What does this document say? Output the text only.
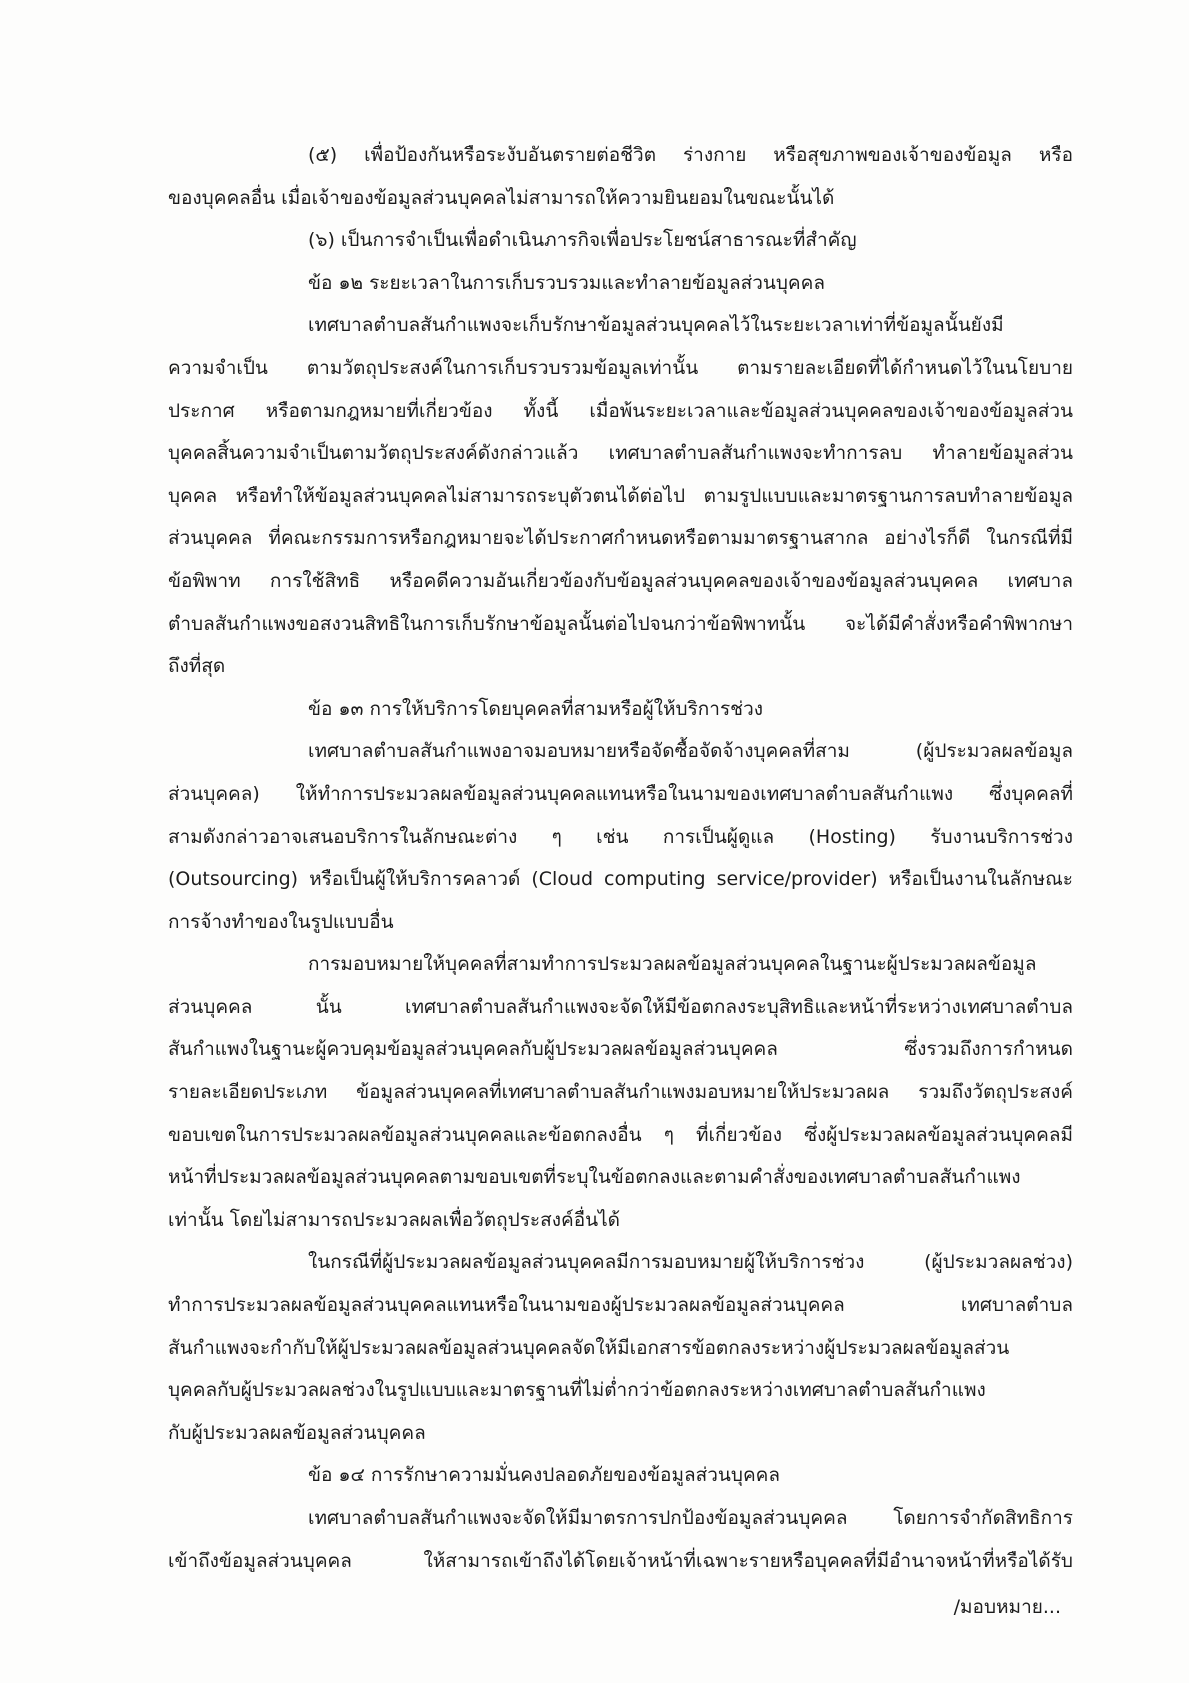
(๕) เพื่อป้องกันหรือระงับอันตรายต่อชีวิต ร่างกาย หรือสุขภาพของเจ้าของข้อมูล หรือ
ของบุคคลอื่น เมื่อเจ้าของข้อมูลส่วนบุคคลไม่สามารถให้ความยินยอมในขณะนั้นได้
(๖) เป็นการจำเป็นเพื่อดำเนินภารกิจเพื่อประโยชน์สาธารณะที่สำคัญ
ข้อ ๑๒ ระยะเวลาในการเก็บรวบรวมและทำลายข้อมูลส่วนบุคคล
เทศบาลตำบลสันกำแพงจะเก็บรักษาข้อมูลส่วนบุคคลไว้ในระยะเวลาเท่าที่ข้อมูลนั้นยังมี
ความจำเป็น ตามวัตถุประสงค์ในการเก็บรวบรวมข้อมูลเท่านั้น ตามรายละเอียดที่ได้กำหนดไว้ในนโยบาย
ประกาศ หรือตามกฎหมายที่เกี่ยวข้อง ทั้งนี้ เมื่อพ้นระยะเวลาและข้อมูลส่วนบุคคลของเจ้าของข้อมูลส่วน
บุคคลสิ้นความจำเป็นตามวัตถุประสงค์ดังกล่าวแล้ว เทศบาลตำบลสันกำแพงจะทำการลบ ทำลายข้อมูลส่วน
บุคคล หรือทำให้ข้อมูลส่วนบุคคลไม่สามารถระบุตัวตนได้ต่อไป ตามรูปแบบและมาตรฐานการลบทำลายข้อมูล
ส่วนบุคคล ที่คณะกรรมการหรือกฎหมายจะได้ประกาศกำหนดหรือตามมาตรฐานสากล อย่างไรก็ดี ในกรณีที่มี
ข้อพิพาท การใช้สิทธิ หรือคดีความอันเกี่ยวข้องกับข้อมูลส่วนบุคคลของเจ้าของข้อมูลส่วนบุคคล เทศบาล
ตำบลสันกำแพงขอสงวนสิทธิในการเก็บรักษาข้อมูลนั้นต่อไปจนกว่าข้อพิพาทนั้น จะได้มีคำสั่งหรือคำพิพากษา
ถึงที่สุด
ข้อ ๑๓ การให้บริการโดยบุคคลที่สามหรือผู้ให้บริการช่วง
เทศบาลตำบลสันกำแพงอาจมอบหมายหรือจัดซื้อจัดจ้างบุคคลที่สาม (ผู้ประมวลผลข้อมูล
ส่วนบุคคล) ให้ทำการประมวลผลข้อมูลส่วนบุคคลแทนหรือในนามของเทศบาลตำบลสันกำแพง ซึ่งบุคคลที่
สามดังกล่าวอาจเสนอบริการในลักษณะต่าง ๆ เช่น การเป็นผู้ดูแล (Hosting) รับงานบริการช่วง
(Outsourcing) หรือเป็นผู้ให้บริการคลาวด์ (Cloud computing service/provider) หรือเป็นงานในลักษณะ
การจ้างทำของในรูปแบบอื่น
การมอบหมายให้บุคคลที่สามทำการประมวลผลข้อมูลส่วนบุคคลในฐานะผู้ประมวลผลข้อมูล
ส่วนบุคคล นั้น เทศบาลตำบลสันกำแพงจะจัดให้มีข้อตกลงระบุสิทธิและหน้าที่ระหว่างเทศบาลตำบล
สันกำแพงในฐานะผู้ควบคุมข้อมูลส่วนบุคคลกับผู้ประมวลผลข้อมูลส่วนบุคคล ซึ่งรวมถึงการกำหนด
รายละเอียดประเภท ข้อมูลส่วนบุคคลที่เทศบาลตำบลสันกำแพงมอบหมายให้ประมวลผล รวมถึงวัตถุประสงค์
ขอบเขตในการประมวลผลข้อมูลส่วนบุคคลและข้อตกลงอื่น ๆ ที่เกี่ยวข้อง ซึ่งผู้ประมวลผลข้อมูลส่วนบุคคลมี
หน้าที่ประมวลผลข้อมูลส่วนบุคคลตามขอบเขตที่ระบุในข้อตกลงและตามคำสั่งของเทศบาลตำบลสันกำแพง
เท่านั้น โดยไม่สามารถประมวลผลเพื่อวัตถุประสงค์อื่นได้
ในกรณีที่ผู้ประมวลผลข้อมูลส่วนบุคคลมีการมอบหมายผู้ให้บริการช่วง (ผู้ประมวลผลช่วง)
ทำการประมวลผลข้อมูลส่วนบุคคลแทนหรือในนามของผู้ประมวลผลข้อมูลส่วนบุคคล เทศบาลตำบล
สันกำแพงจะกำกับให้ผู้ประมวลผลข้อมูลส่วนบุคคลจัดให้มีเอกสารข้อตกลงระหว่างผู้ประมวลผลข้อมูลส่วน
บุคคลกับผู้ประมวลผลช่วงในรูปแบบและมาตรฐานที่ไม่ต่ำกว่าข้อตกลงระหว่างเทศบาลตำบลสันกำแพง
กับผู้ประมวลผลข้อมูลส่วนบุคคล
ข้อ ๑๔ การรักษาความมั่นคงปลอดภัยของข้อมูลส่วนบุคคล
เทศบาลตำบลสันกำแพงจะจัดให้มีมาตรการปกป้องข้อมูลส่วนบุคคล โดยการจำกัดสิทธิการ
เข้าถึงข้อมูลส่วนบุคคล ให้สามารถเข้าถึงได้โดยเจ้าหน้าที่เฉพาะรายหรือบุคคลที่มีอำนาจหน้าที่หรือได้รับ
/มอบหมาย...
